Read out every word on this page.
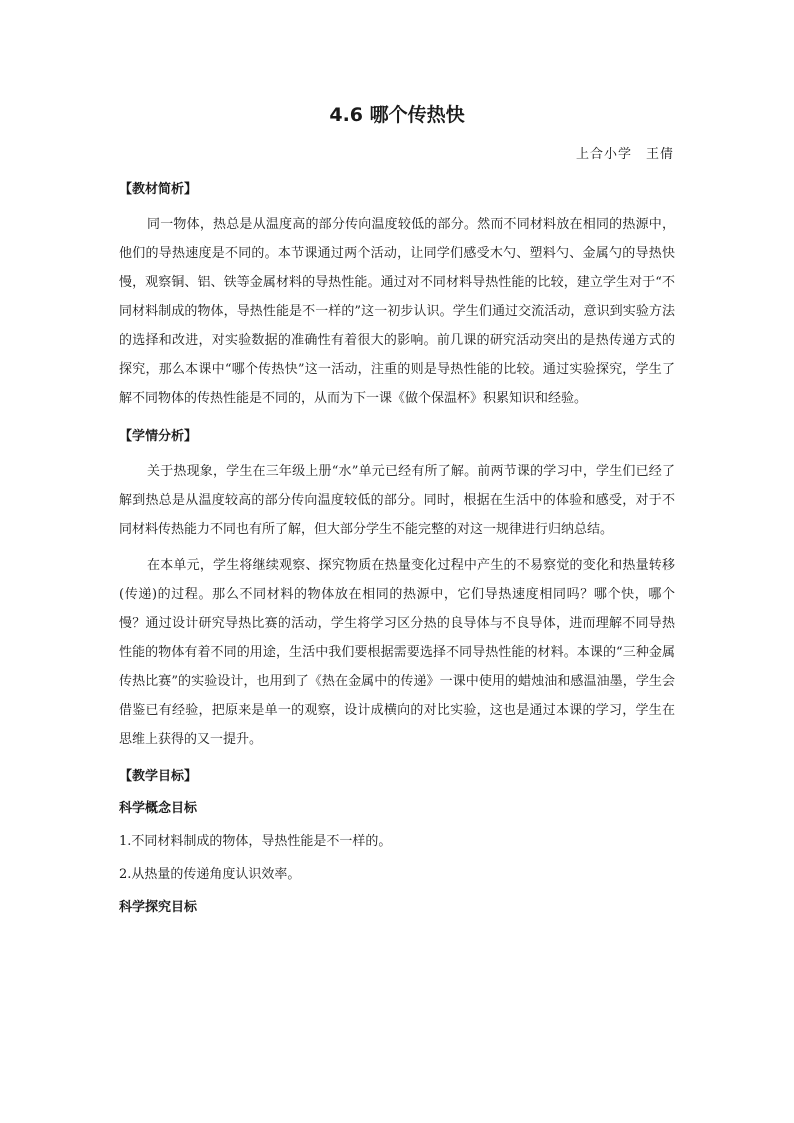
4.6 哪个传热快
上合小学　王倩

【教材简析】

同一物体，热总是从温度高的部分传向温度较低的部分。然而不同材料放在相同的热源中，他们的导热速度是不同的。本节课通过两个活动，让同学们感受木勺、塑料勺、金属勺的导热快慢，观察铜、铝、铁等金属材料的导热性能。通过对不同材料导热性能的比较，建立学生对于“不同材料制成的物体，导热性能是不一样的”这一初步认识。学生们通过交流活动，意识到实验方法的选择和改进，对实验数据的准确性有着很大的影响。前几课的研究活动突出的是热传递方式的探究，那么本课中“哪个传热快”这一活动，注重的则是导热性能的比较。通过实验探究，学生了解不同物体的传热性能是不同的，从而为下一课《做个保温杯》积累知识和经验。

【学情分析】

关于热现象，学生在三年级上册“水”单元已经有所了解。前两节课的学习中，学生们已经了解到热总是从温度较高的部分传向温度较低的部分。同时，根据在生活中的体验和感受，对于不同材料传热能力不同也有所了解，但大部分学生不能完整的对这一规律进行归纳总结。

在本单元，学生将继续观察、探究物质在热量变化过程中产生的不易察觉的变化和热量转移(传递)的过程。那么不同材料的物体放在相同的热源中，它们导热速度相同吗？哪个快，哪个慢？通过设计研究导热比赛的活动，学生将学习区分热的良导体与不良导体，进而理解不同导热性能的物体有着不同的用途，生活中我们要根据需要选择不同导热性能的材料。本课的“三种金属传热比赛”的实验设计，也用到了《热在金属中的传递》一课中使用的蜡烛油和感温油墨，学生会借鉴已有经验，把原来是单一的观察，设计成横向的对比实验，这也是通过本课的学习，学生在思维上获得的又一提升。

【教学目标】

科学概念目标

1.不同材料制成的物体，导热性能是不一样的。

2.从热量的传递角度认识效率。

科学探究目标
